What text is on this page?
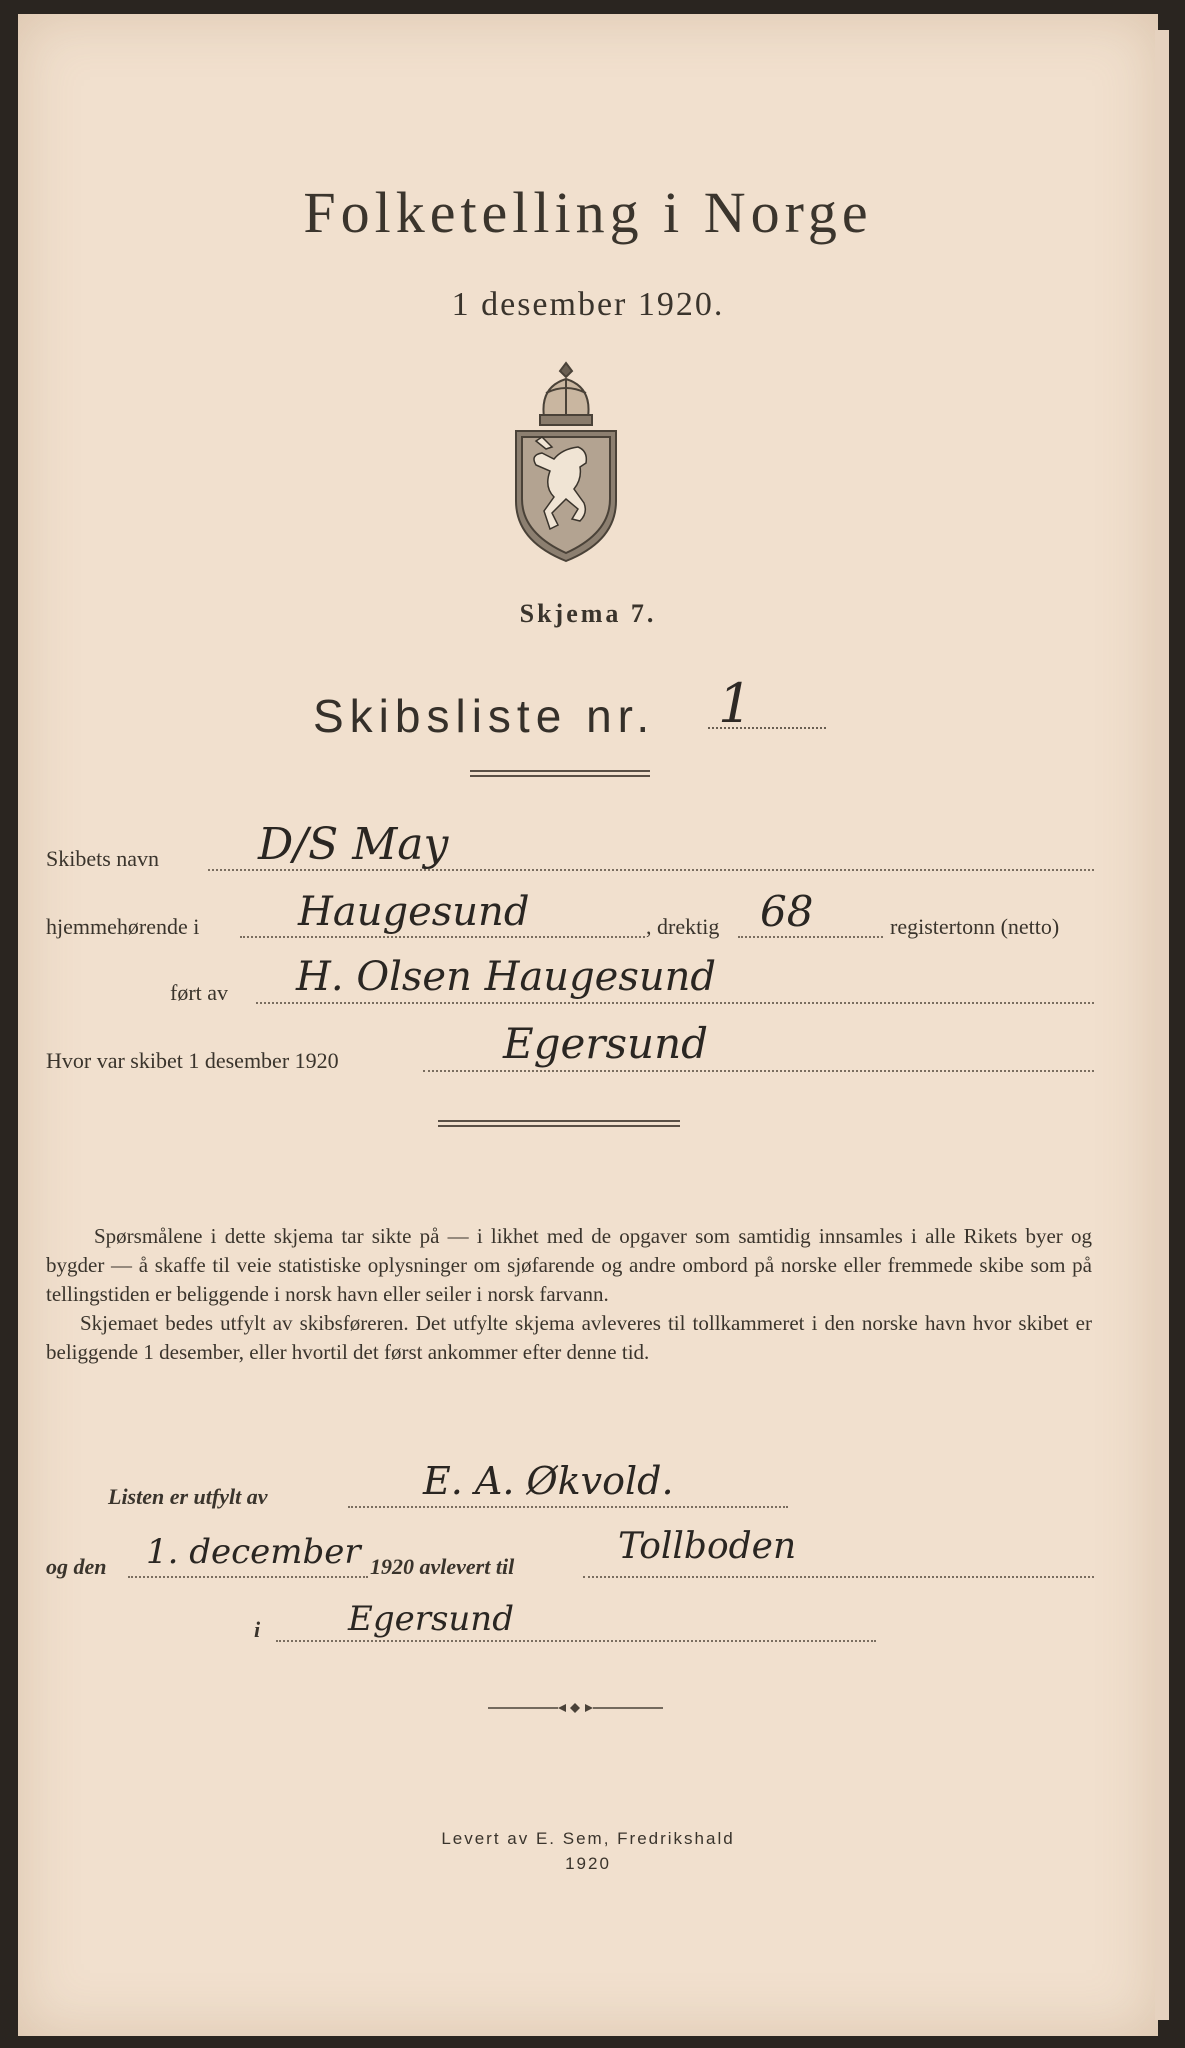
Folketelling i Norge
1 desember 1920.
Skjema 7.
Skibsliste nr. 1
Skibets navn D/S May
hjemmehørende i Haugesund	, drektig 68	registertonn (netto)
ført av H. Olsen Haugesund
Hvor var skibet 1 desember 1920	Egersund

Spørsmålene i dette skjema tar sikte på — i likhet med de opgaver som samtidig innsamles i alle Rikets byer og bygder — å skaffe til veie statistiske oplysninger om sjøfarende og andre ombord på norske eller fremmede skibe som på tellingstiden er beliggende i norsk havn eller seiler i norsk farvann.

Skjemaet bedes utfylt av skibsføreren. Det utfylte skjema avleveres til tollkammeret i den norske havn hvor skibet er beliggende 1 desember, eller hvortil det først ankommer efter denne tid.

Listen er utfylt av	E. A. Økvold.
og den 1. december 1920 avlevert til	Tollboden
i	Egersund
Levert av E. Sem, Fredrikshald
1920
